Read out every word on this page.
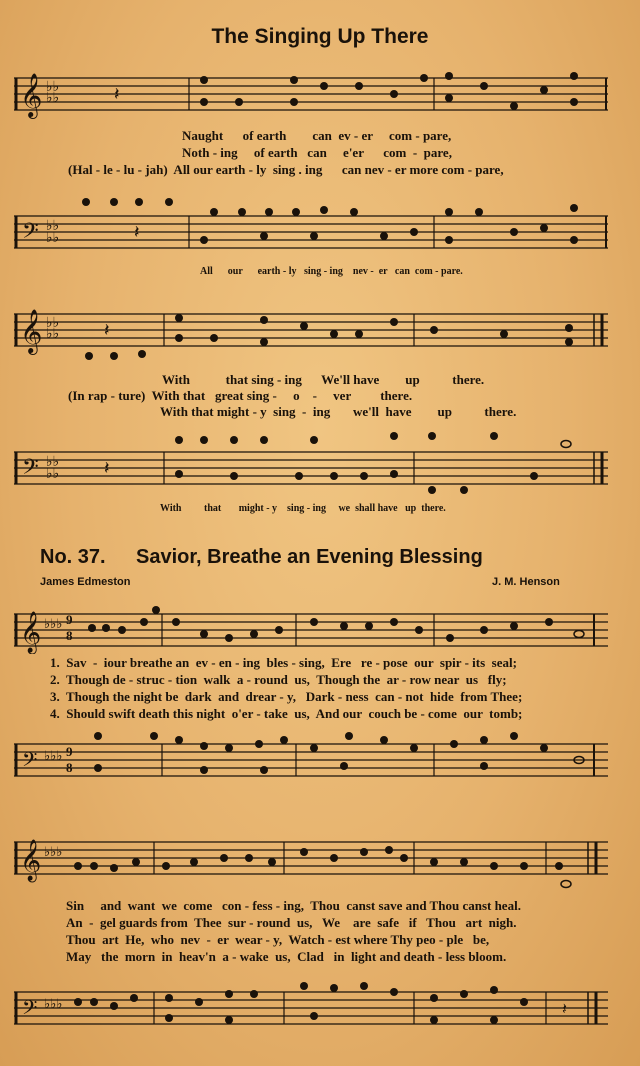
The Singing Up There
𝄞 ♭♭
♭♭	𝄽
Naught      of earth        can  ev - er     com - pare,
Noth - ing     of earth   can     e'er      com  -  pare,
(Hal - le - lu - jah)  All our earth - ly  sing . ing      can nev - er more com - pare,
𝄢 ♭♭
♭♭	𝄽
All      our      earth - ly   sing - ing    nev -  er   can  com - pare.
𝄞 ♭♭
♭♭ 𝄽
With           that sing - ing      We'll have        up          there.
(In rap - ture)  With that   great sing -     o    -     ver         there.
With that might - y  sing  -  ing       we'll  have        up          there.
𝄢 ♭♭
♭♭ 𝄽
With         that       might - y    sing - ing     we  shall have   up  there.
No. 37. Savior, Breathe an Evening Blessing
James Edmeston	J. M. Henson
𝄞 ♭♭♭ 9
8
1.  Sav  -  iour breathe an  ev - en - ing  bles - sing,  Ere   re - pose  our  spir - its  seal;
2.  Though de - struc - tion  walk  a - round  us,  Though the  ar - row near  us   fly;
3.  Though the night be  dark  and  drear - y,   Dark - ness  can - not  hide  from Thee;
4.  Should swift death this night  o'er - take  us,  And our  couch be - come  our  tomb;
𝄢 ♭♭♭ 9
8
𝄞 ♭♭♭
Sin     and  want  we  come   con - fess - ing,  Thou  canst save and Thou canst heal.
An  -  gel guards from  Thee  sur - round  us,   We    are  safe   if   Thou   art  nigh.
Thou  art  He,  who  nev  -  er  wear - y,  Watch - est where Thy peo - ple   be,
May   the  morn  in  heav'n  a - wake  us,  Clad   in  light and death - less bloom.
𝄢 ♭♭♭	𝄽
